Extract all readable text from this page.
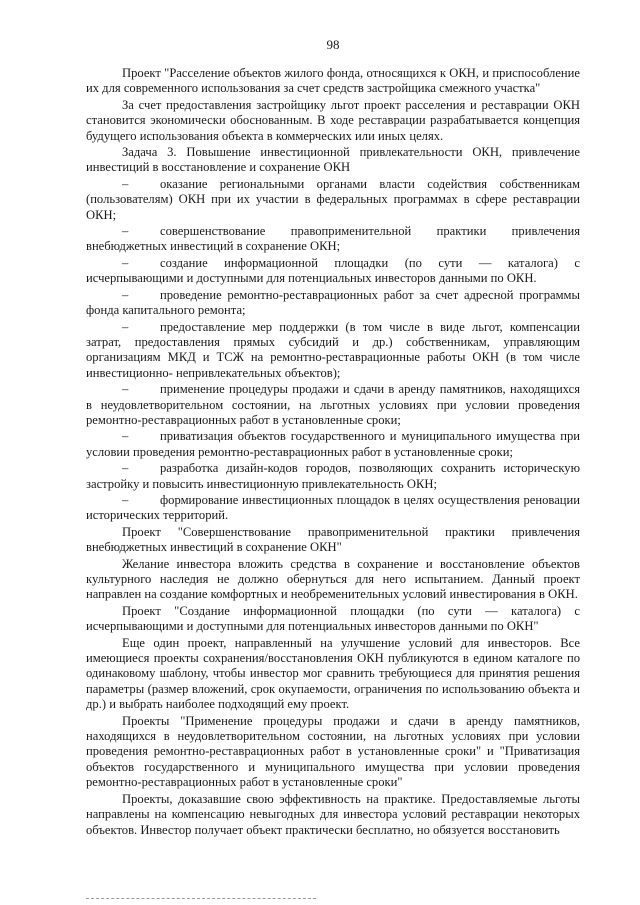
98

Проект "Расселение объектов жилого фонда, относящихся к ОКН, и приспособление их для современного использования за счет средств застройщика смежного участка"

За счет предоставления застройщику льгот проект расселения и реставрации ОКН становится экономически обоснованным. В ходе реставрации разрабатывается концепция будущего использования объекта в коммерческих или иных целях.

Задача 3. Повышение инвестиционной привлекательности ОКН, привлечение инвестиций в восстановление и сохранение ОКН

–	оказание региональными органами власти содействия собственникам (пользователям) ОКН при их участии в федеральных программах в сфере реставрации ОКН;

–	совершенствование правоприменительной практики привлечения внебюджетных инвестиций в сохранение ОКН;

–	создание информационной площадки (по сути — каталога) с исчерпывающими и доступными для потенциальных инвесторов данными по ОКН.

–	проведение ремонтно-реставрационных работ за счет адресной программы фонда капитального ремонта;

–	предоставление мер поддержки (в том числе в виде льгот, компенсации затрат, предоставления прямых субсидий и др.) собственникам, управляющим организациям МКД и ТСЖ на ремонтно-реставрационные работы ОКН (в том числе инвестиционно- непривлекательных объектов);

–	применение процедуры продажи и сдачи в аренду памятников, находящихся в неудовлетворительном состоянии, на льготных условиях при условии проведения ремонтно-реставрационных работ в установленные сроки;

–	приватизация объектов государственного и муниципального имущества при условии проведения ремонтно-реставрационных работ в установленные сроки;

–	разработка дизайн-кодов городов, позволяющих сохранить историческую застройку и повысить инвестиционную привлекательность ОКН;

–	формирование инвестиционных площадок в целях осуществления реновации исторических территорий.

Проект "Совершенствование правоприменительной практики привлечения внебюджетных инвестиций в сохранение ОКН"

Желание инвестора вложить средства в сохранение и восстановление объектов культурного наследия не должно обернуться для него испытанием. Данный проект направлен на создание комфортных и необременительных условий инвестирования в ОКН.

Проект "Создание информационной площадки (по сути — каталога) с исчерпывающими и доступными для потенциальных инвесторов данными по ОКН"

Еще один проект, направленный на улучшение условий для инвесторов. Все имеющиеся проекты сохранения/восстановления ОКН публикуются в едином каталоге по одинаковому шаблону, чтобы инвестор мог сравнить требующиеся для принятия решения параметры (размер вложений, срок окупаемости, ограничения по использованию объекта и др.) и выбрать наиболее подходящий ему проект.

Проекты "Применение процедуры продажи и сдачи в аренду памятников, находящихся в неудовлетворительном состоянии, на льготных условиях при условии проведения ремонтно-реставрационных работ в установленные сроки" и "Приватизация объектов государственного и муниципального имущества при условии проведения ремонтно-реставрационных работ в установленные сроки"

Проекты, доказавшие свою эффективность на практике. Предоставляемые льготы направлены на компенсацию невыгодных для инвестора условий реставрации некоторых объектов. Инвестор получает объект практически бесплатно, но обязуется восстановить
